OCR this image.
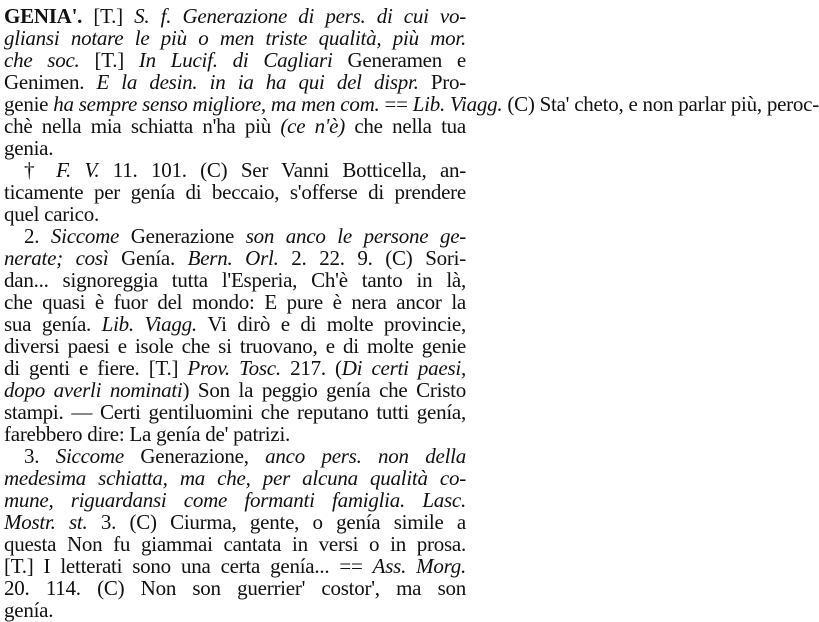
GENIA'. [T.] S. f. Generazione di pers. di cui vo-
gliansi notare le più o men triste qualità, più mor.
che soc. [T.] In Lucif. di Cagliari Generamen e
Genimen. E la desin. in ia ha qui del dispr. Pro-
genie ha sempre senso migliore, ma men com. == Lib. Viagg. (C) Sta' cheto, e non parlar più, peroc-
chè nella mia schiatta n'ha più (ce n'è) che nella tua
genia.
† F. V. 11. 101. (C) Ser Vanni Botticella, an-
ticamente per genía di beccaio, s'offerse di prendere
quel carico.
2. Siccome Generazione son anco le persone ge-
nerate; così Genía. Bern. Orl. 2. 22. 9. (C) Sori-
dan... signoreggia tutta l'Esperia, Ch'è tanto in là,
che quasi è fuor del mondo: E pure è nera ancor la
sua genía. Lib. Viagg. Vi dirò e di molte provincie,
diversi paesi e isole che si truovano, e di molte genie
di genti e fiere. [T.] Prov. Tosc. 217. (Di certi paesi,
dopo averli nominati) Son la peggio genía che Cristo
stampi. — Certi gentiluomini che reputano tutti genía,
farebbero dire: La genía de' patrizi.
3. Siccome Generazione, anco pers. non della
medesima schiatta, ma che, per alcuna qualità co-
mune, riguardansi come formanti famiglia. Lasc.
Mostr. st. 3. (C) Ciurma, gente, o genía simile a
questa Non fu giammai cantata in versi o in prosa.
[T.] I letterati sono una certa genía... == Ass. Morg.
20. 114. (C) Non son guerrier' costor', ma son
genía.
